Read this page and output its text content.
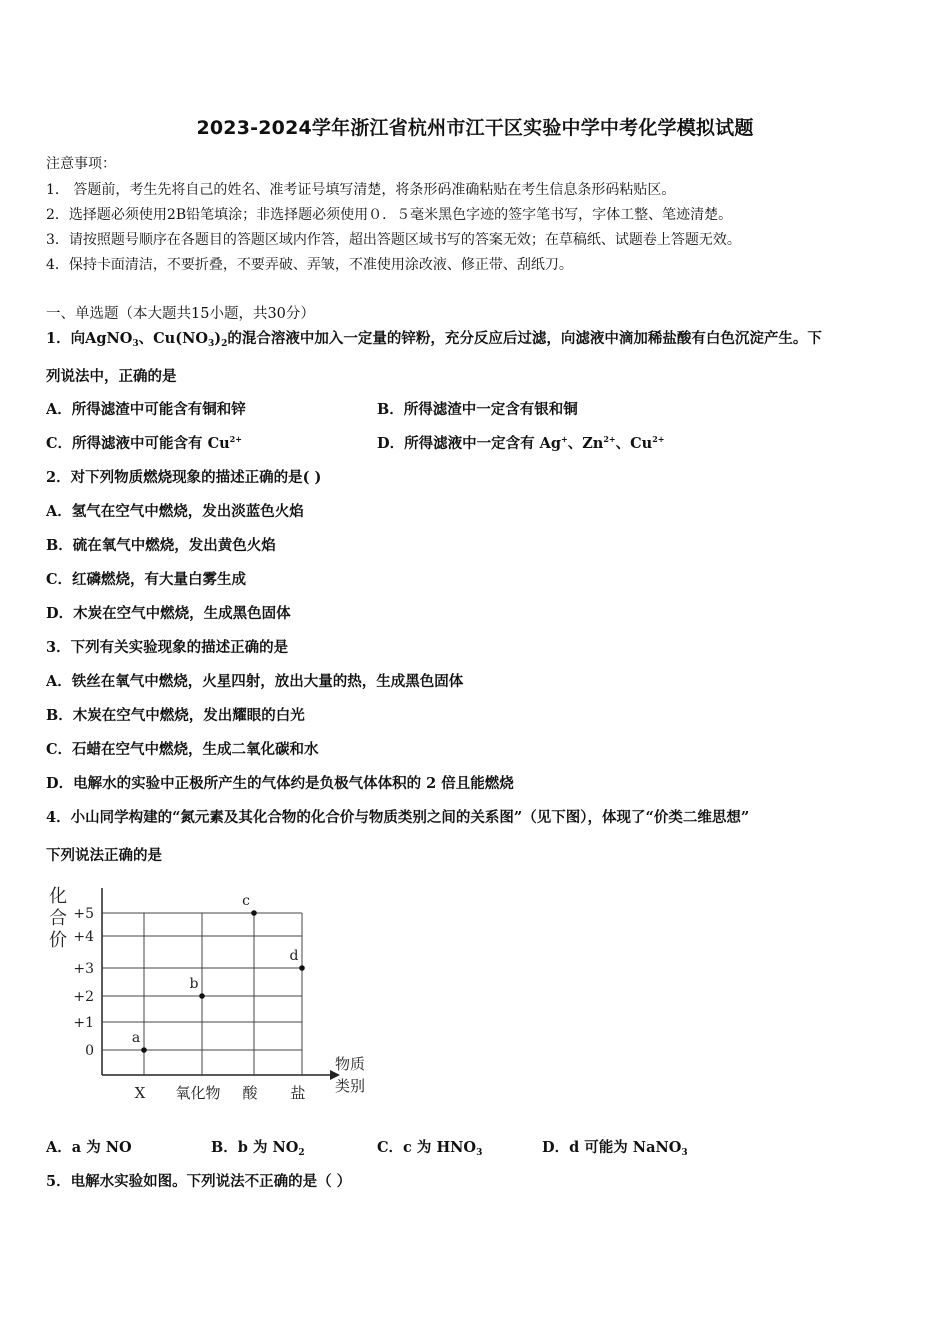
2023-2024学年浙江省杭州市江干区实验中学中考化学模拟试题
注意事项：
1． 答题前，考生先将自己的姓名、准考证号填写清楚，将条形码准确粘贴在考生信息条形码粘贴区。
2．选择题必须使用2B铅笔填涂；非选择题必须使用０．５毫米黑色字迹的签字笔书写，字体工整、笔迹清楚。
3．请按照题号顺序在各题目的答题区域内作答，超出答题区域书写的答案无效；在草稿纸、试题卷上答题无效。
4．保持卡面清洁，不要折叠，不要弄破、弄皱，不准使用涂改液、修正带、刮纸刀。
一、单选题（本大题共15小题，共30分）
1．向AgNO$_3$、$Cu(NO_3)_2$的混合溶液中加入一定量的锌粉，充分反应后过滤，向滤液中滴加稀盐酸有白色沉淀产生。下
列说法中，正确的是
A．所得滤渣中可能含有铜和锌	B．所得滤渣中一定含有银和铜
C．所得滤液中可能含有 $Cu^{2+}$	D．所得滤液中一定含有 Ag+、$Zn^{2+}$、$Cu^{2+}$
2．对下列物质燃烧现象的描述正确的是( )
A．氢气在空气中燃烧，发出淡蓝色火焰
B．硫在氧气中燃烧，发出黄色火焰
C．红磷燃烧，有大量白雾生成
D．木炭在空气中燃烧，生成黑色固体
3．下列有关实验现象的描述正确的是
A．铁丝在氧气中燃烧，火星四射，放出大量的热，生成黑色固体
B．木炭在空气中燃烧，发出耀眼的白光
C．石蜡在空气中燃烧，生成二氧化碳和水
D．电解水的实验中正极所产生的气体约是负极气体体积的 2 倍且能燃烧
4．小山同学构建的“氮元素及其化合物的化合价与物质类别之间的关系图”（见下图），体现了“价类二维思想”
下列说法正确的是
0
+1
+2
+3
+4
+5
化
合
价
物质
类别
X 氧化物 酸 盐
a
b
c
d
A．a 为 NO	B．b 为 $NO_2$	C．c 为 $HNO_3$	D．d 可能为 NaNO$_3$
5．电解水实验如图。下列说法不正确的是（ ）
